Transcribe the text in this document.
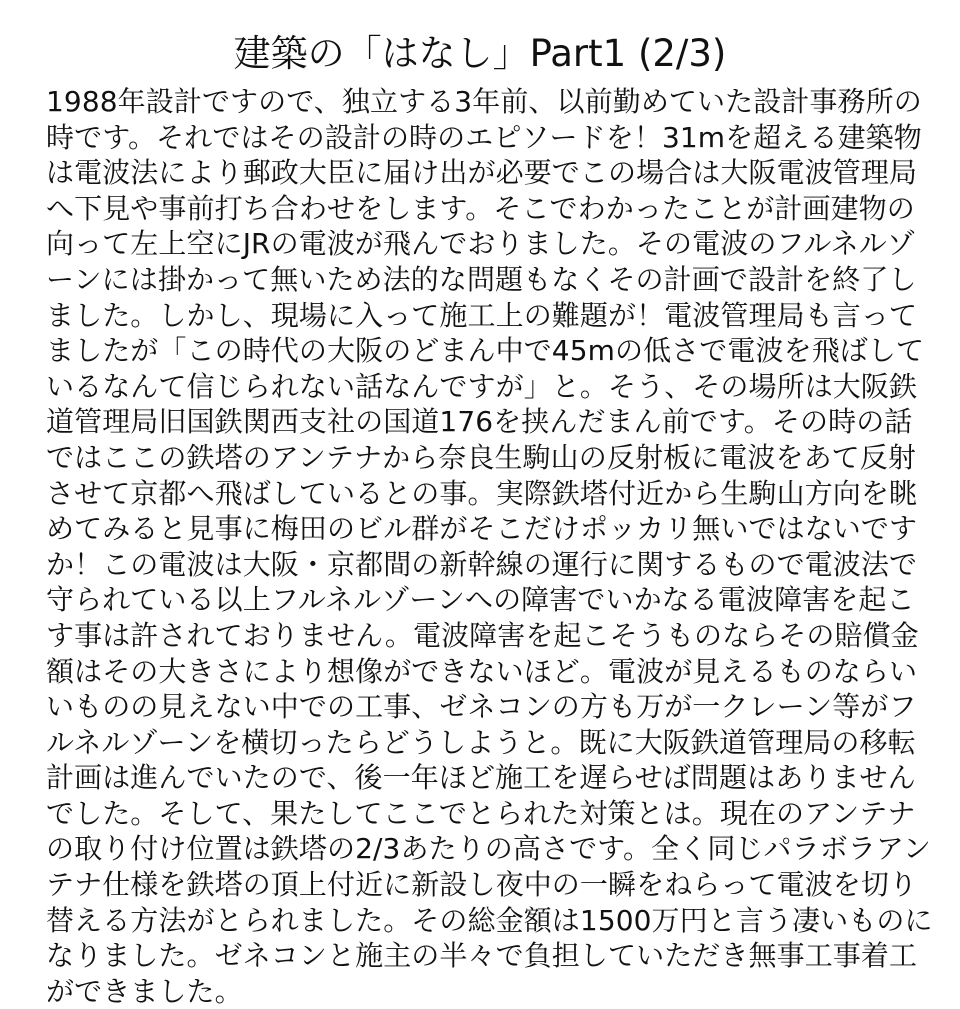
建築の「はなし」Part1 (2/3)
1988年設計ですので、独立する3年前、以前勤めていた設計事務所の
時です。それではその設計の時のエピソードを！31mを超える建築物
は電波法により郵政大臣に届け出が必要でこの場合は大阪電波管理局
へ下見や事前打ち合わせをします。そこでわかったことが計画建物の
向って左上空にJRの電波が飛んでおりました。その電波のフルネルゾ
ーンには掛かって無いため法的な問題もなくその計画で設計を終了し
ました。しかし、現場に入って施工上の難題が！電波管理局も言って
ましたが「この時代の大阪のどまん中で45mの低さで電波を飛ばして
いるなんて信じられない話なんですが」と。そう、その場所は大阪鉄
道管理局旧国鉄関西支社の国道176を挟んだまん前です。その時の話
ではここの鉄塔のアンテナから奈良生駒山の反射板に電波をあて反射
させて京都へ飛ばしているとの事。実際鉄塔付近から生駒山方向を眺
めてみると見事に梅田のビル群がそこだけポッカリ無いではないです
か！この電波は大阪・京都間の新幹線の運行に関するもので電波法で
守られている以上フルネルゾーンへの障害でいかなる電波障害を起こ
す事は許されておりません。電波障害を起こそうものならその賠償金
額はその大きさにより想像ができないほど。電波が見えるものならい
いものの見えない中での工事、ゼネコンの方も万が一クレーン等がフ
ルネルゾーンを横切ったらどうしようと。既に大阪鉄道管理局の移転
計画は進んでいたので、後一年ほど施工を遅らせば問題はありません
でした。そして、果たしてここでとられた対策とは。現在のアンテナ
の取り付け位置は鉄塔の2/3あたりの高さです。全く同じパラボラアン
テナ仕様を鉄塔の頂上付近に新設し夜中の一瞬をねらって電波を切り
替える方法がとられました。その総金額は1500万円と言う凄いものに
なりました。ゼネコンと施主の半々で負担していただき無事工事着工
ができました。
